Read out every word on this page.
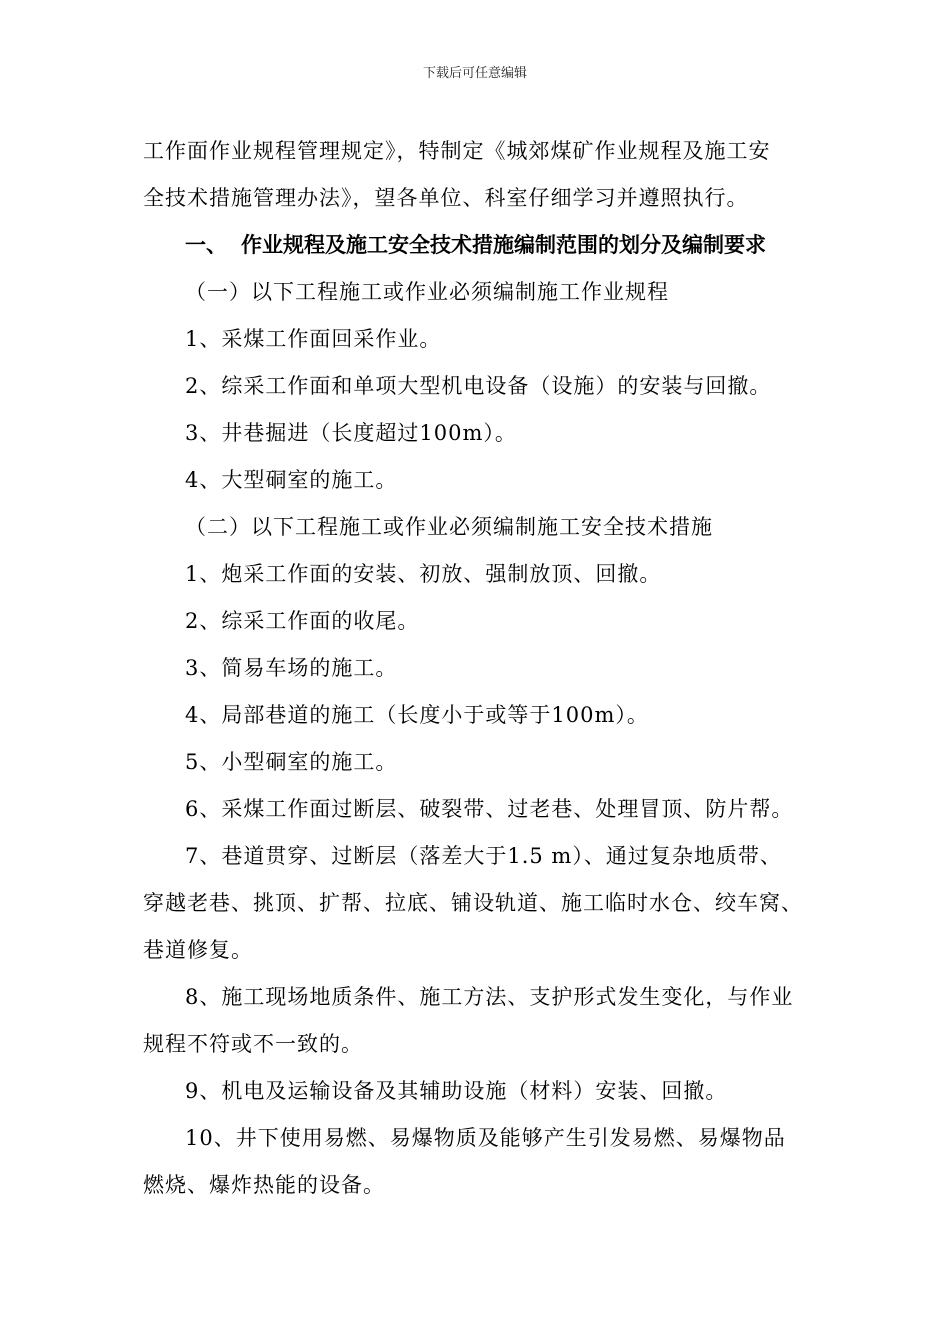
下载后可任意编辑

工作面作业规程管理规定》，特制定《城郊煤矿作业规程及施工安

全技术措施管理办法》，望各单位、科室仔细学习并遵照执行。

一、 作业规程及施工安全技术措施编制范围的划分及编制要求

（一）以下工程施工或作业必须编制施工作业规程

1、采煤工作面回采作业。

2、综采工作面和单项大型机电设备（设施）的安装与回撤。

3、井巷掘进（长度超过100m）。

4、大型硐室的施工。

（二）以下工程施工或作业必须编制施工安全技术措施

1、炮采工作面的安装、初放、强制放顶、回撤。

2、综采工作面的收尾。

3、简易车场的施工。

4、局部巷道的施工（长度小于或等于100m）。

5、小型硐室的施工。

6、采煤工作面过断层、破裂带、过老巷、处理冒顶、防片帮。

7、巷道贯穿、过断层（落差大于1.5 m）、通过复杂地质带、

穿越老巷、挑顶、扩帮、拉底、铺设轨道、施工临时水仓、绞车窝、

巷道修复。

8、施工现场地质条件、施工方法、支护形式发生变化，与作业

规程不符或不一致的。

9、机电及运输设备及其辅助设施（材料）安装、回撤。

10、井下使用易燃、易爆物质及能够产生引发易燃、易爆物品

燃烧、爆炸热能的设备。
